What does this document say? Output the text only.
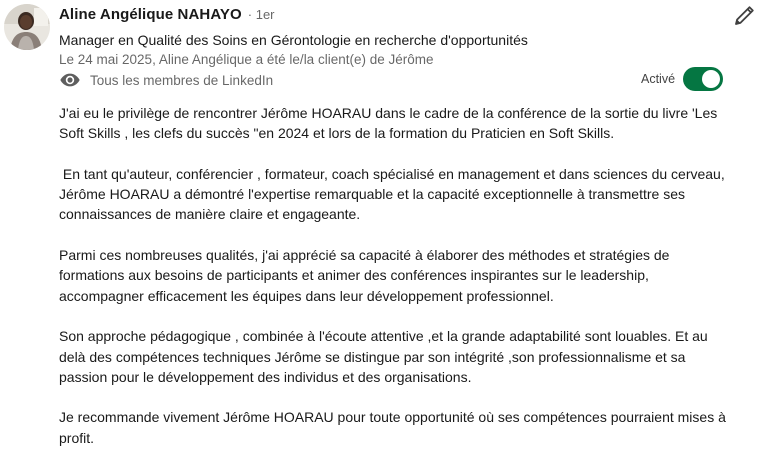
Aline Angélique NAHAYO · 1er
Manager en Qualité des Soins en Gérontologie en recherche d'opportunités
Le 24 mai 2025, Aline Angélique a été le/la client(e) de Jérôme
Tous les membres de LinkedIn	Activé

J'ai eu le privilège de rencontrer Jérôme HOARAU dans le cadre de la conférence de la sortie du livre 'Les Soft Skills , les clefs du succès "en 2024 et lors de la formation du Praticien en Soft Skills.

En tant qu'auteur, conférencier , formateur, coach spécialisé en management et dans sciences du cerveau, Jérôme HOARAU a démontré l'expertise remarquable et la capacité exceptionnelle à transmettre ses connaissances de manière claire et engageante.

Parmi ces nombreuses qualités, j'ai apprécié sa capacité à élaborer des méthodes et stratégies de formations aux besoins de participants et animer des conférences inspirantes sur le leadership, accompagner efficacement les équipes dans leur développement professionnel.

Son approche pédagogique , combinée à l'écoute attentive ,et la grande adaptabilité sont louables. Et au delà des compétences techniques Jérôme se distingue par son intégrité ,son professionnalisme et sa passion pour le développement des individus et des organisations.

Je recommande vivement Jérôme HOARAU pour toute opportunité où ses compétences pourraient mises à profit.
